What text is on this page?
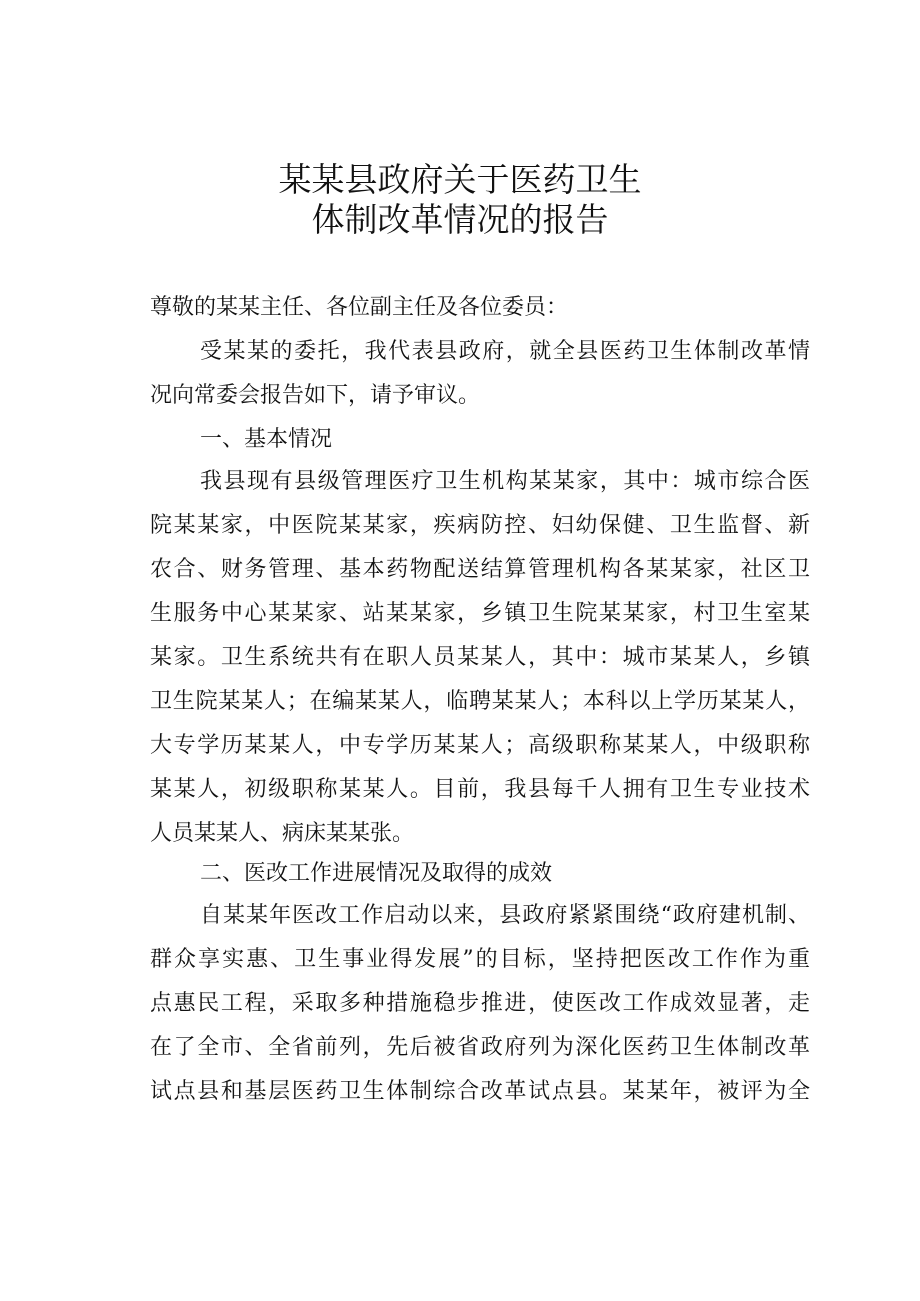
某某县政府关于医药卫生
体制改革情况的报告
尊敬的某某主任、各位副主任及各位委员：
受某某的委托，我代表县政府，就全县医药卫生体制改革情
况向常委会报告如下，请予审议。
一、基本情况
我县现有县级管理医疗卫生机构某某家，其中：城市综合医
院某某家，中医院某某家，疾病防控、妇幼保健、卫生监督、新
农合、财务管理、基本药物配送结算管理机构各某某家，社区卫
生服务中心某某家、站某某家，乡镇卫生院某某家，村卫生室某
某家。卫生系统共有在职人员某某人，其中：城市某某人，乡镇
卫生院某某人；在编某某人，临聘某某人；本科以上学历某某人，
大专学历某某人，中专学历某某人；高级职称某某人，中级职称
某某人，初级职称某某人。目前，我县每千人拥有卫生专业技术
人员某某人、病床某某张。
二、医改工作进展情况及取得的成效
自某某年医改工作启动以来，县政府紧紧围绕“政府建机制、
群众享实惠、卫生事业得发展”的目标，坚持把医改工作作为重
点惠民工程，采取多种措施稳步推进，使医改工作成效显著，走
在了全市、全省前列，先后被省政府列为深化医药卫生体制改革
试点县和基层医药卫生体制综合改革试点县。某某年，被评为全
